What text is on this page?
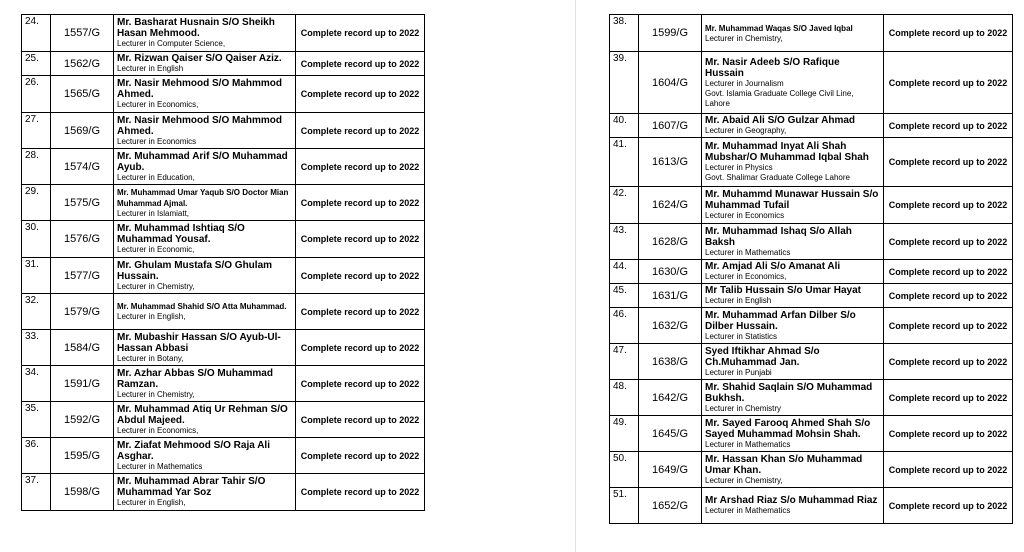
24.	1557/G	Mr. Basharat Husnain S/O Sheikh Hasan Mehmood.
Lecturer in Computer Science,	Complete record up to 2022
25.	1562/G	Mr. Rizwan Qaiser S/O Qaiser Aziz.
Lecturer in English	Complete record up to 2022
26.	1565/G	Mr. Nasir Mehmood S/O Mahmmod Ahmed.
Lecturer in Economics,	Complete record up to 2022
27.	1569/G	Mr. Nasir Mehmood S/O Mahmmod Ahmed.
Lecturer in Economics	Complete record up to 2022
28.	1574/G	Mr. Muhammad Arif S/O Muhammad Ayub.
Lecturer in Education,	Complete record up to 2022
29.	1575/G	Mr. Muhammad Umar Yaqub S/O Doctor Mian Muhammad Ajmal.
Lecturer in Islamiatt,	Complete record up to 2022
30.	1576/G	Mr. Muhammad Ishtiaq S/O Muhammad Yousaf.
Lecturer in Economic,	Complete record up to 2022
31.	1577/G	Mr. Ghulam Mustafa S/O Ghulam Hussain.
Lecturer in Chemistry,	Complete record up to 2022
32.	1579/G	Mr. Muhammad Shahid S/O Atta Muhammad.
Lecturer in English,	Complete record up to 2022
33.	1584/G	Mr. Mubashir Hassan S/O Ayub-Ul-Hassan Abbasi
Lecturer in Botany,	Complete record up to 2022
34.	1591/G	Mr. Azhar Abbas S/O Muhammad Ramzan.
Lecturer in Chemistry,	Complete record up to 2022
35.	1592/G	Mr. Muhammad Atiq Ur Rehman S/O Abdul Majeed.
Lecturer in Economics,	Complete record up to 2022
36.	1595/G	Mr. Ziafat Mehmood S/O Raja Ali Asghar.
Lecturer in Mathematics	Complete record up to 2022
37.	1598/G	Mr. Muhammad Abrar Tahir S/O Muhammad Yar Soz
Lecturer in English,	Complete record up to 2022
38.	1599/G	Mr. Muhammad Waqas S/O Javed Iqbal
Lecturer in Chemistry,	Complete record up to 2022
39.	1604/G	Mr. Nasir Adeeb S/O Rafique Hussain
Lecturer in Journalism
Govt. Islamia Graduate College Civil Line, Lahore	Complete record up to 2022
40.	1607/G	Mr. Abaid Ali S/O Gulzar Ahmad
Lecturer in Geography,	Complete record up to 2022
41.	1613/G	Mr. Muhammad Inyat Ali Shah Mubshar/O Muhammad Iqbal Shah
Lecturer in Physics
Govt. Shalimar Graduate College Lahore	Complete record up to 2022
42.	1624/G	Mr. Muhammd Munawar Hussain S/o Muhammad Tufail
Lecturer in Economics	Complete record up to 2022
43.	1628/G	Mr. Muhammad Ishaq S/o Allah Baksh
Lecturer in Mathematics	Complete record up to 2022
44.	1630/G	Mr. Amjad Ali S/o Amanat Ali
Lecturer in Economics,	Complete record up to 2022
45.	1631/G	Mr Talib Hussain S/o Umar Hayat
Lecturer in English	Complete record up to 2022
46.	1632/G	Mr. Muhammad Arfan Dilber S/o Dilber Hussain.
Lecturer in Statistics	Complete record up to 2022
47.	1638/G	Syed Iftikhar Ahmad S/o Ch.Muhammad Jan.
Lecturer in Punjabi	Complete record up to 2022
48.	1642/G	Mr. Shahid Saqlain S/O Muhammad Bukhsh.
Lecturer in Chemistry	Complete record up to 2022
49.	1645/G	Mr. Sayed Farooq Ahmed Shah S/o Sayed Muhammad Mohsin Shah.
Lecturer in Mathematics	Complete record up to 2022
50.	1649/G	Mr. Hassan Khan S/o Muhammad Umar Khan.
Lecturer in Chemistry,	Complete record up to 2022
51.	1652/G	Mr Arshad Riaz S/o Muhammad Riaz
Lecturer in Mathematics	Complete record up to 2022
